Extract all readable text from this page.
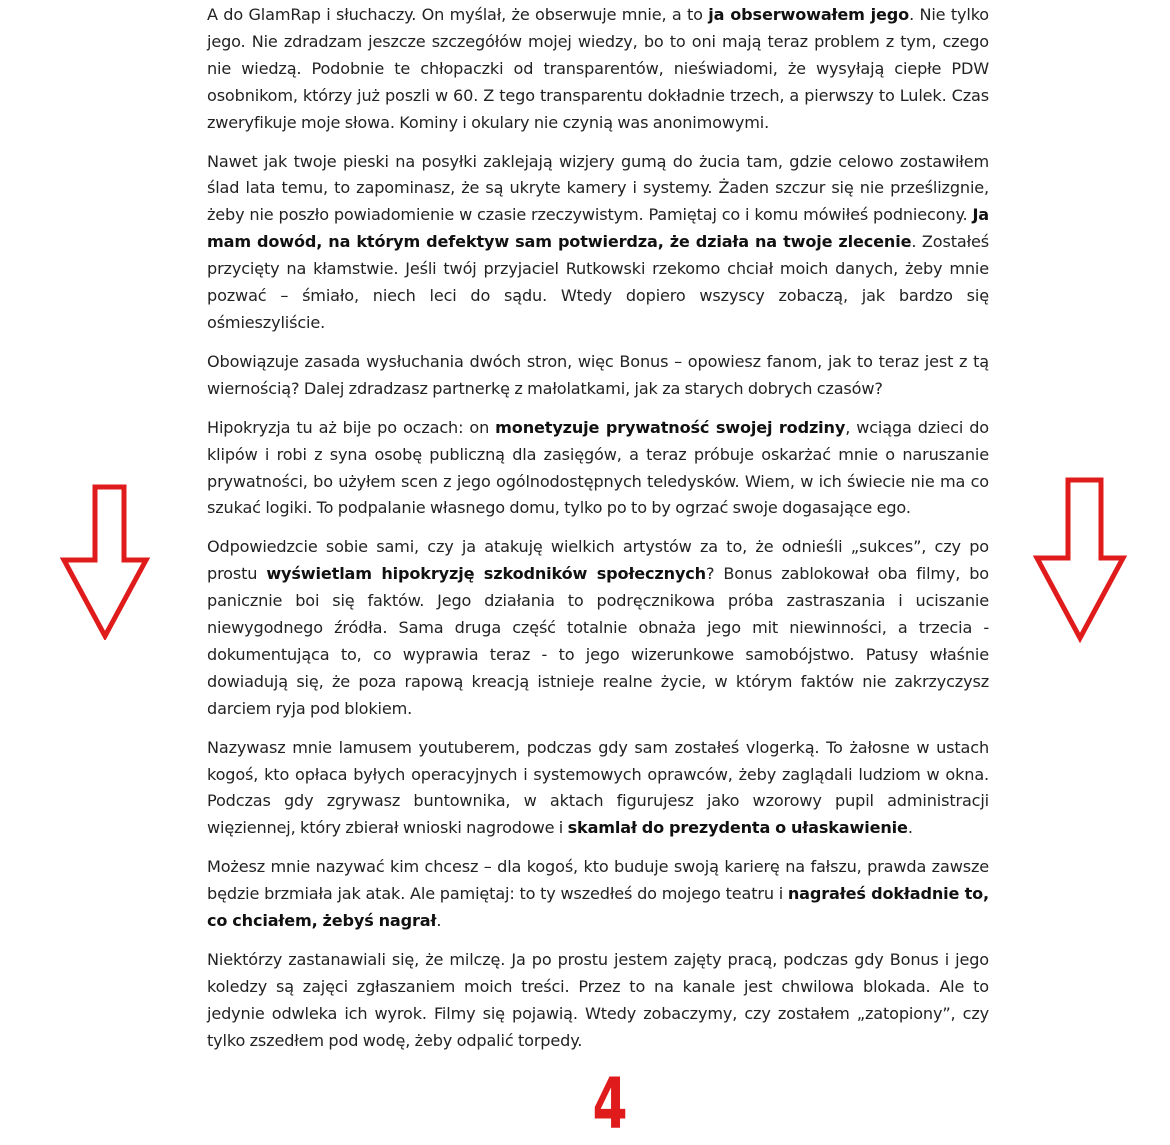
A do GlamRap i słuchaczy. On myślał, że obserwuje mnie, a to ja obserwowałem jego. Nie tylko jego. Nie zdradzam jeszcze szczegółów mojej wiedzy, bo to oni mają teraz problem z tym, czego nie wiedzą. Podobnie te chłopaczki od transparentów, nieświadomi, że wysyłają ciepłe PDW osobnikom, którzy już poszli w 60. Z tego transparentu dokładnie trzech, a pierwszy to Lulek. Czas zweryfikuje moje słowa. Kominy i okulary nie czynią was anonimowymi.

Nawet jak twoje pieski na posyłki zaklejają wizjery gumą do żucia tam, gdzie celowo zostawiłem ślad lata temu, to zapominasz, że są ukryte kamery i systemy. Żaden szczur się nie prześlizgnie, żeby nie poszło powiadomienie w czasie rzeczywistym. Pamiętaj co i komu mówiłeś podniecony. Ja mam dowód, na którym defektyw sam potwierdza, że działa na twoje zlecenie. Zostałeś przycięty na kłamstwie. Jeśli twój przyjaciel Rutkowski rzekomo chciał moich danych, żeby mnie pozwać – śmiało, niech leci do sądu. Wtedy dopiero wszyscy zobaczą, jak bardzo się ośmieszyliście.

Obowiązuje zasada wysłuchania dwóch stron, więc Bonus – opowiesz fanom, jak to teraz jest z tą wiernością? Dalej zdradzasz partnerkę z małolatkami, jak za starych dobrych czasów?

Hipokryzja tu aż bije po oczach: on monetyzuje prywatność swojej rodziny, wciąga dzieci do klipów i robi z syna osobę publiczną dla zasięgów, a teraz próbuje oskarżać mnie o naruszanie prywatności, bo użyłem scen z jego ogólnodostępnych teledysków. Wiem, w ich świecie nie ma co szukać logiki. To podpalanie własnego domu, tylko po to by ogrzać swoje dogasające ego.

Odpowiedzcie sobie sami, czy ja atakuję wielkich artystów za to, że odnieśli „sukces”, czy po prostu wyświetlam hipokryzję szkodników społecznych? Bonus zablokował oba filmy, bo panicznie boi się faktów. Jego działania to podręcznikowa próba zastraszania i uciszanie niewygodnego źródła. Sama druga część totalnie obnaża jego mit niewinności, a trzecia - dokumentująca to, co wyprawia teraz - to jego wizerunkowe samobójstwo. Patusy właśnie dowiadują się, że poza rapową kreacją istnieje realne życie, w którym faktów nie zakrzyczysz darciem ryja pod blokiem.

Nazywasz mnie lamusem youtuberem, podczas gdy sam zostałeś vlogerką. To żałosne w ustach kogoś, kto opłaca byłych operacyjnych i systemowych oprawców, żeby zaglądali ludziom w okna. Podczas gdy zgrywasz buntownika, w aktach figurujesz jako wzorowy pupil administracji więziennej, który zbierał wnioski nagrodowe i skamlał do prezydenta o ułaskawienie.

Możesz mnie nazywać kim chcesz – dla kogoś, kto buduje swoją karierę na fałszu, prawda zawsze będzie brzmiała jak atak. Ale pamiętaj: to ty wszedłeś do mojego teatru i nagrałeś dokładnie to, co chciałem, żebyś nagrał.

Niektórzy zastanawiali się, że milczę. Ja po prostu jestem zajęty pracą, podczas gdy Bonus i jego koledzy są zajęci zgłaszaniem moich treści. Przez to na kanale jest chwilowa blokada. Ale to jedynie odwleka ich wyrok. Filmy się pojawią. Wtedy zobaczymy, czy zostałem „zatopiony”, czy tylko zszedłem pod wodę, żeby odpalić torpedy.

4
